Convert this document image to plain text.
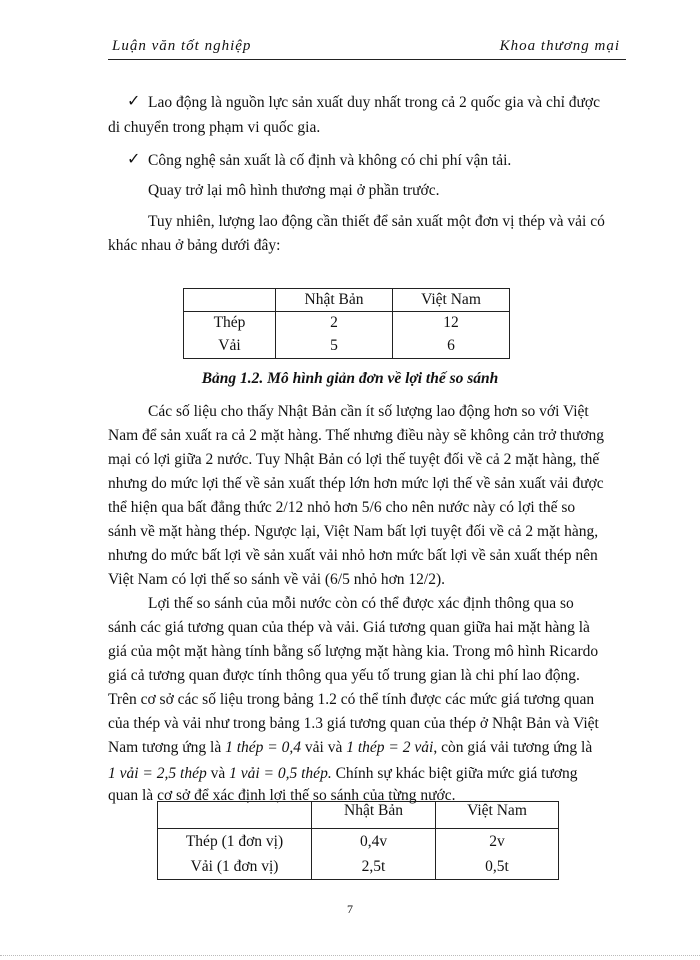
Luận văn tốt nghiệp	Khoa thương mại
✓ Lao động là nguồn lực sản xuất duy nhất trong cả 2 quốc gia và chỉ được
di chuyển trong phạm vi quốc gia.
✓ Công nghệ sản xuất là cố định và không có chi phí vận tải.
Quay trở lại mô hình thương mại ở phần trước.
Tuy nhiên, lượng lao động cần thiết để sản xuất một đơn vị thép và vải có
khác nhau ở bảng dưới đây:
	Nhật Bản	Việt Nam
Thép	2	12
Vải	5	6
Bảng 1.2. Mô hình giản đơn về lợi thế so sánh
Các số liệu cho thấy Nhật Bản cần ít số lượng lao động hơn so với Việt
Nam để sản xuất ra cả 2 mặt hàng. Thế nhưng điều này sẽ không cản trở thương
mại có lợi giữa 2 nước. Tuy Nhật Bản có lợi thế tuyệt đối về cả 2 mặt hàng, thế
nhưng do mức lợi thế về sản xuất thép lớn hơn mức lợi thế về sản xuất vải được
thể hiện qua bất đẳng thức 2/12 nhỏ hơn 5/6 cho nên nước này có lợi thế so
sánh về mặt hàng thép. Ngược lại, Việt Nam bất lợi tuyệt đối về cả 2 mặt hàng,
nhưng do mức bất lợi về sản xuất vải nhỏ hơn mức bất lợi về sản xuất thép nên
Việt Nam có lợi thế so sánh về vải (6/5 nhỏ hơn 12/2).
Lợi thế so sánh của mỗi nước còn có thể được xác định thông qua so
sánh các giá tương quan của thép và vải. Giá tương quan giữa hai mặt hàng là
giá của một mặt hàng tính bằng số lượng mặt hàng kia. Trong mô hình Ricardo
giá cả tương quan được tính thông qua yếu tố trung gian là chi phí lao động.
Trên cơ sở các số liệu trong bảng 1.2 có thể tính được các mức giá tương quan
của thép và vải như trong bảng 1.3 giá tương quan của thép ở Nhật Bản và Việt
Nam tương ứng là 1 thép = 0,4 vải và 1 thép = 2 vải, còn giá vải tương ứng là
1 vải = 2,5 thép và 1 vải = 0,5 thép. Chính sự khác biệt giữa mức giá tương
quan là cơ sở để xác định lợi thế so sánh của từng nước.
	Nhật Bản	Việt Nam
Thép (1 đơn vị)	0,4v	2v
Vải (1 đơn vị)	2,5t	0,5t
7
